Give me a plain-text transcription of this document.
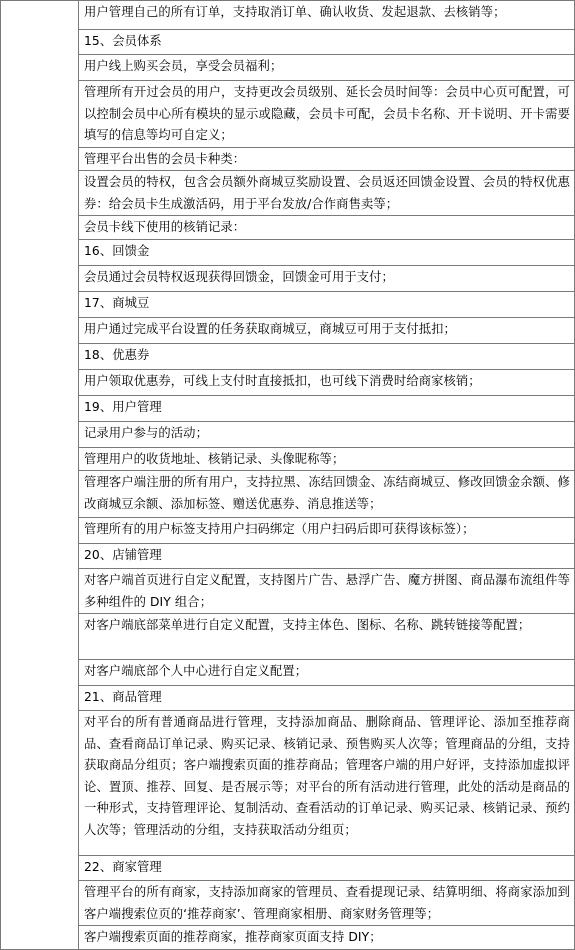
用户管理自己的所有订单，支持取消订单、确认收货、发起退款、去核销等；

15、会员体系

用户线上购买会员，享受会员福利；

管理所有开过会员的用户，支持更改会员级别、延长会员时间等：会员中心页可配置，可以控制会员中心所有模块的显示或隐藏，会员卡可配，会员卡名称、开卡说明、开卡需要填写的信息等均可自定义；

管理平台出售的会员卡种类：

设置会员的特权，包含会员额外商城豆奖励设置、会员返还回馈金设置、会员的特权优惠券：给会员卡生成激活码，用于平台发放/合作商售卖等；

会员卡线下使用的核销记录：

16、回馈金

会员通过会员特权返现获得回馈金，回馈金可用于支付；

17、商城豆

用户通过完成平台设置的任务获取商城豆，商城豆可用于支付抵扣；

18、优惠券

用户领取优惠券，可线上支付时直接抵扣，也可线下消费时给商家核销；

19、用户管理

记录用户参与的活动；

管理用户的收货地址、核销记录、头像昵称等；

管理客户端注册的所有用户，支持拉黑、冻结回馈金、冻结商城豆、修改回馈金余额、修改商城豆余额、添加标签、赠送优惠券、消息推送等；

管理所有的用户标签支持用户扫码绑定（用户扫码后即可获得该标签）；

20、店铺管理

对客户端首页进行自定义配置，支持图片广告、悬浮广告、魔方拼图、商品瀑布流组件等多种组件的 DIY 组合；

对客户端底部菜单进行自定义配置，支持主体色、图标、名称、跳转链接等配置；

对客户端底部个人中心进行自定义配置；

21、商品管理

对平台的所有普通商品进行管理，支持添加商品、删除商品、管理评论、添加至推荐商品、查看商品订单记录、购买记录、核销记录、预售购买人次等；管理商品的分组，支持获取商品分组页；客户端搜索页面的推荐商品；管理客户端的用户好评，支持添加虚拟评论、置顶、推荐、回复、是否展示等；对平台的所有活动进行管理，此处的活动是商品的一种形式，支持管理评论、复制活动、查看活动的订单记录、购买记录、核销记录、预约人次等；管理活动的分组，支持获取活动分组页；

22、商家管理

管理平台的所有商家，支持添加商家的管理员、查看提现记录、结算明细、将商家添加到客户端搜索位页的‘推荐商家’、管理商家相册、商家财务管理等；

客户端搜索页面的推荐商家，推荐商家页面支持 DIY；
